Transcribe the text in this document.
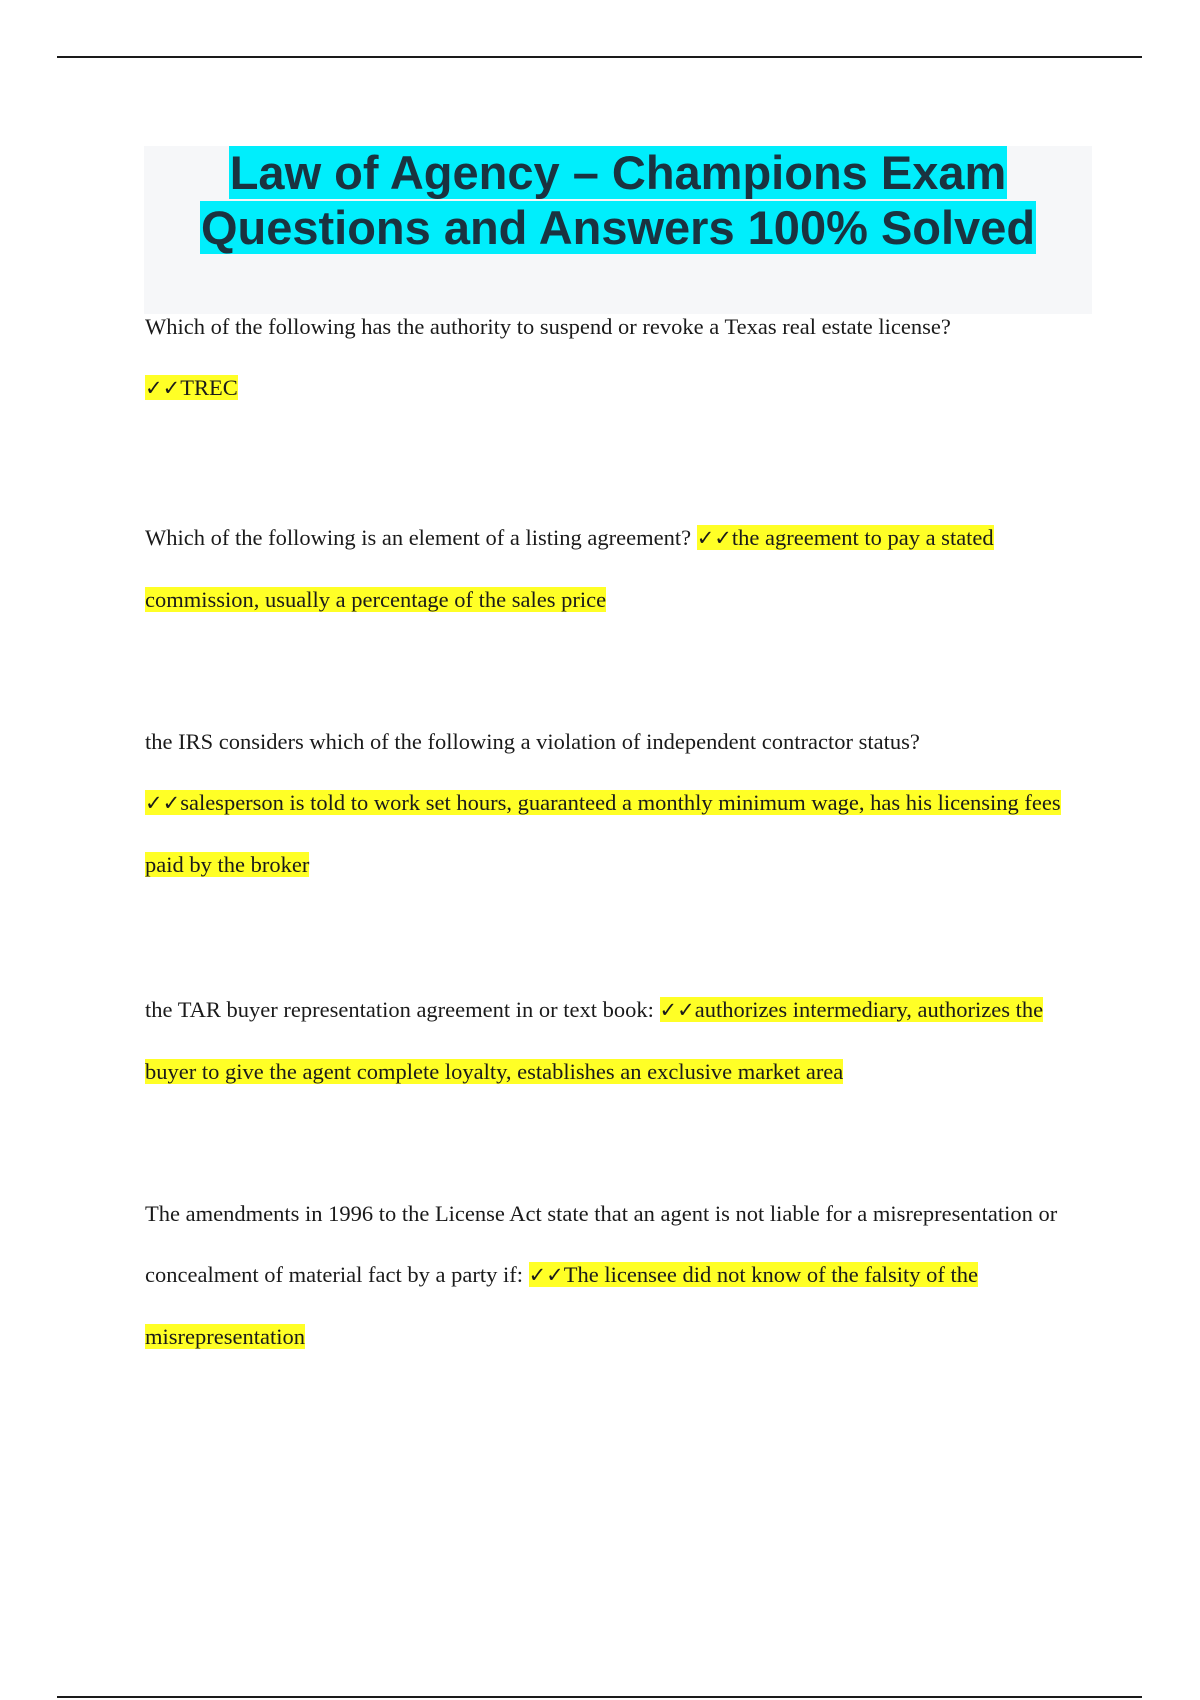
Law of Agency – Champions Exam Questions and Answers 100% Solved

Which of the following has the authority to suspend or revoke a Texas real estate license?
✓✓TREC

Which of the following is an element of a listing agreement? ✓✓the agreement to pay a stated commission, usually a percentage of the sales price

the IRS considers which of the following a violation of independent contractor status?
✓✓salesperson is told to work set hours, guaranteed a monthly minimum wage, has his licensing fees paid by the broker

the TAR buyer representation agreement in or text book: ✓✓authorizes intermediary, authorizes the buyer to give the agent complete loyalty, establishes an exclusive market area

The amendments in 1996 to the License Act state that an agent is not liable for a misrepresentation or concealment of material fact by a party if: ✓✓The licensee did not know of the falsity of the misrepresentation
